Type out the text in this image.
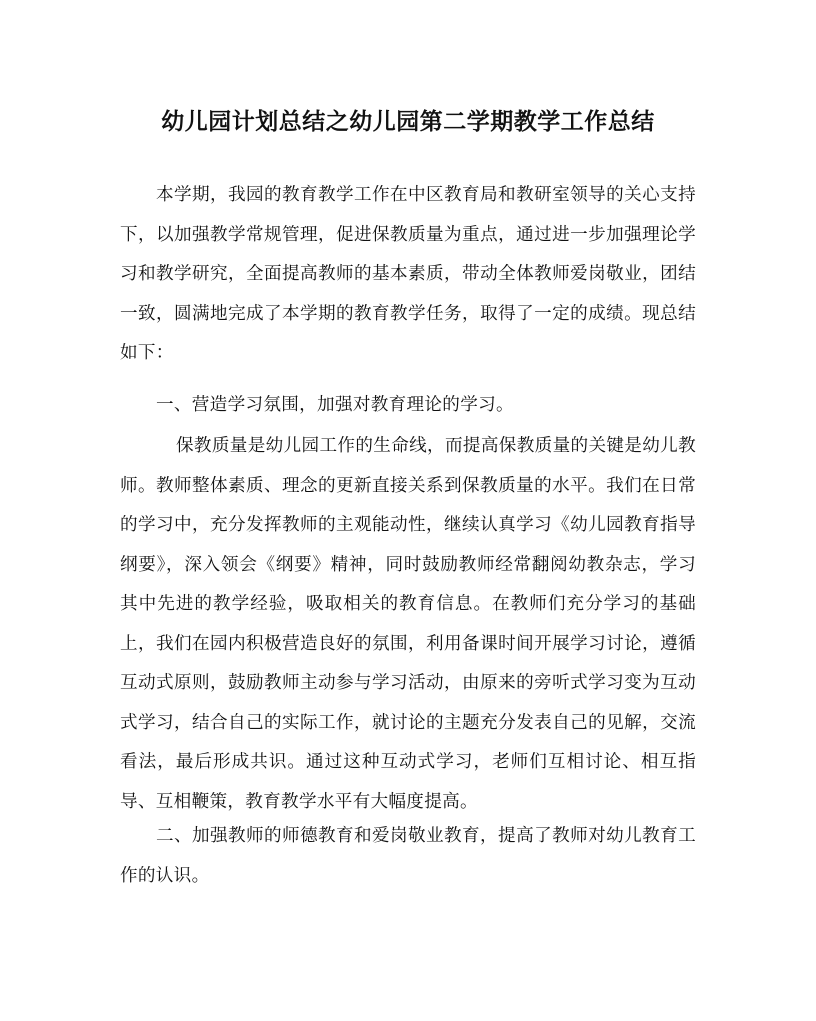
幼儿园计划总结之幼儿园第二学期教学工作总结

本学期，我园的教育教学工作在中区教育局和教研室领导的关心支持下，以加强教学常规管理，促进保教质量为重点，通过进一步加强理论学习和教学研究，全面提高教师的基本素质，带动全体教师爱岗敬业，团结一致，圆满地完成了本学期的教育教学任务，取得了一定的成绩。现总结如下：

一、营造学习氛围，加强对教育理论的学习。

保教质量是幼儿园工作的生命线，而提高保教质量的关键是幼儿教师。教师整体素质、理念的更新直接关系到保教质量的水平。我们在日常的学习中，充分发挥教师的主观能动性，继续认真学习《幼儿园教育指导纲要》，深入领会《纲要》精神，同时鼓励教师经常翻阅幼教杂志，学习其中先进的教学经验，吸取相关的教育信息。在教师们充分学习的基础上，我们在园内积极营造良好的氛围，利用备课时间开展学习讨论，遵循互动式原则，鼓励教师主动参与学习活动，由原来的旁听式学习变为互动式学习，结合自己的实际工作，就讨论的主题充分发表自己的见解，交流看法，最后形成共识。通过这种互动式学习，老师们互相讨论、相互指导、互相鞭策，教育教学水平有大幅度提高。

二、加强教师的师德教育和爱岗敬业教育，提高了教师对幼儿教育工作的认识。
